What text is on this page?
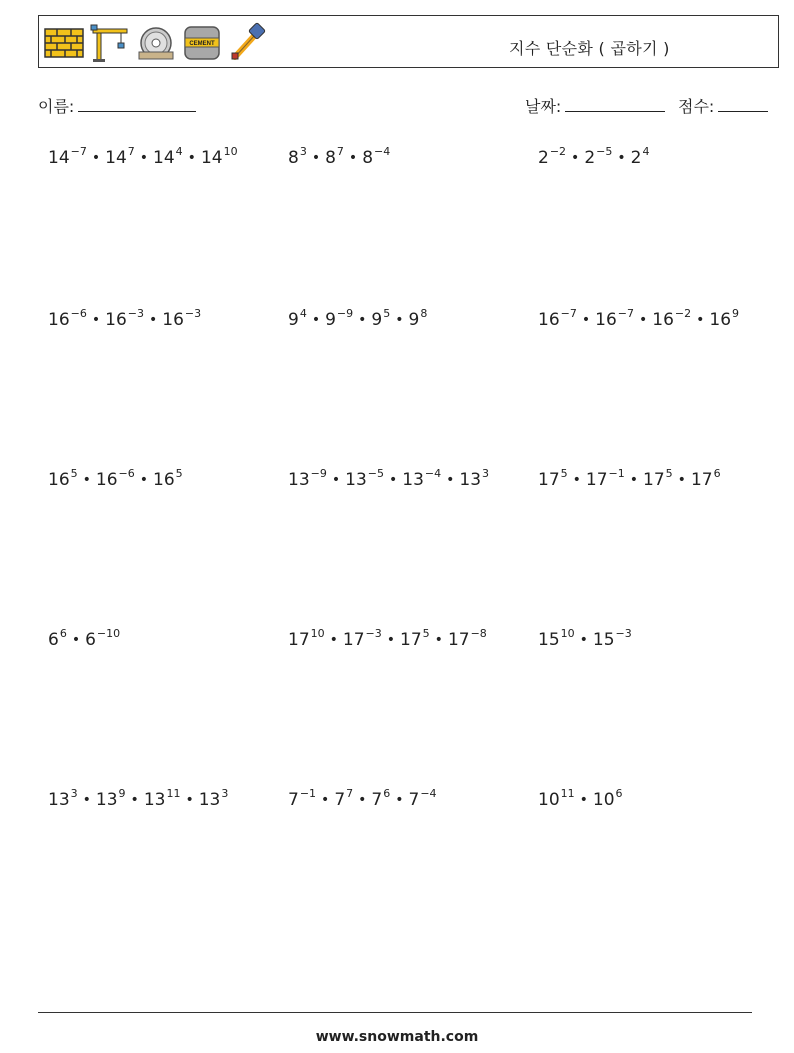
CEMENT	지수 단순화 ( 곱하기 )
이름:	날짜:	점수:
$14^{-7}$ • $14^7$ • $14^4$ • $14^{10}$	$8^3$ • $8^7$ • $8^{-4}$	$2^{-2}$ • $2^{-5}$ • $2^4$
$16^{-6}$ • $16^{-3}$ • $16^{-3}$	$9^4$ • $9^{-9}$ • $9^5$ • $9^8$	$16^{-7}$ • $16^{-7}$ • $16^{-2}$ • $16^9$
$16^5$ • $16^{-6}$ • $16^5$	$13^{-9}$ • $13^{-5}$ • $13^{-4}$ • $13^3$	$17^5$ • $17^{-1}$ • $17^5$ • $17^6$
$6^6$ • $6^{-10}$	$17^{10}$ • $17^{-3}$ • $17^5$ • $17^{-8}$	$15^{10}$ • $15^{-3}$
$13^3$ • $13^9$ • $13^{11}$ • $13^3$	$7^{-1}$ • $7^7$ • $7^6$ • $7^{-4}$	$10^{11}$ • $10^6$
www.snowmath.com
